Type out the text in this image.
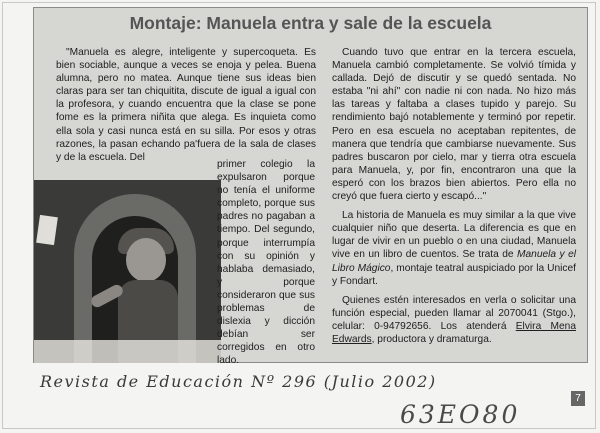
Montaje: Manuela entra y sale de la escuela
"Manuela es alegre, inteligente y supercoqueta. Es bien sociable, aunque a veces se enoja y pelea. Buena alumna, pero no matea. Aunque tiene sus ideas bien claras para ser tan chiquitita, discute de igual a igual con la profesora, y cuando encuentra que la clase se pone fome es la primera niñita que alega. Es inquieta como ella sola y casi nunca está en su silla. Por esos y otras razones, la pasan echando pa'fuera de la sala de clases y de la escuela. Del
primer colegio la expulsaron porque no tenía el uniforme completo, porque sus padres no pagaban a tiempo. Del segundo, porque interrumpía con su opinión y hablaba demasiado, y porque consideraron que sus problemas de dislexia y dicción debían ser corregidos en otro lado.

Cuando tuvo que entrar en la tercera escuela, Manuela cambió completamente. Se volvió tímida y callada. Dejó de discutir y se quedó sentada. No estaba "ni ahí" con nadie ni con nada. No hizo más las tareas y faltaba a clases tupido y parejo. Su rendimiento bajó notablemente y terminó por repetir. Pero en esa escuela no aceptaban repitentes, de manera que tendría que cambiarse nuevamente. Sus padres buscaron por cielo, mar y tierra otra escuela para Manuela, y, por fin, encontraron una que la esperó con los brazos bien abiertos. Pero ella no creyó que fuera cierto y escapó..."

La historia de Manuela es muy similar a la que vive cualquier niño que deserta. La diferencia es que en lugar de vivir en un pueblo o en una ciudad, Manuela vive en un libro de cuentos. Se trata de Manuela y el Libro Mágico, montaje teatral auspiciado por la Unicef y Fondart.

Quienes estén interesados en verla o solicitar una función especial, pueden llamar al 2070041 (Stgo.), celular: 0-94792656. Los atenderá Elvira Mena Edwards, productora y dramaturga.

Revista de Educación Nº 296 (Julio 2002)
63EO80
7
